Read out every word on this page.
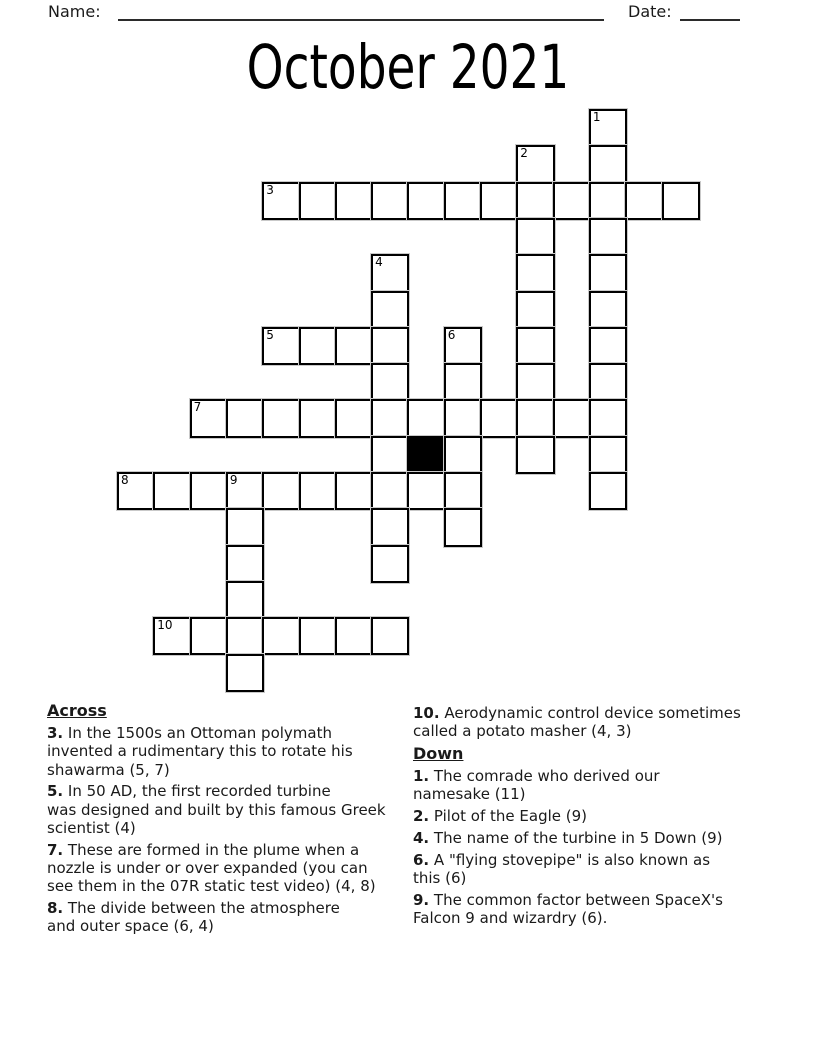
Name:	Date:
October 2021
1
2
3
4
5	6
7
8	9
10
Across

3. In the 1500s an Ottoman polymath
invented a rudimentary this to rotate his
shawarma (5, 7)

5. In 50 AD, the first recorded turbine
was designed and built by this famous Greek
scientist (4)

7. These are formed in the plume when a
nozzle is under or over expanded (you can
see them in the 07R static test video) (4, 8)

8. The divide between the atmosphere
and outer space (6, 4)

10. Aerodynamic control device sometimes
called a potato masher (4, 3)

Down

1. The comrade who derived our
namesake (11)

2. Pilot of the Eagle (9)

4. The name of the turbine in 5 Down (9)

6. A "flying stovepipe" is also known as
this (6)

9. The common factor between SpaceX's
Falcon 9 and wizardry (6).
